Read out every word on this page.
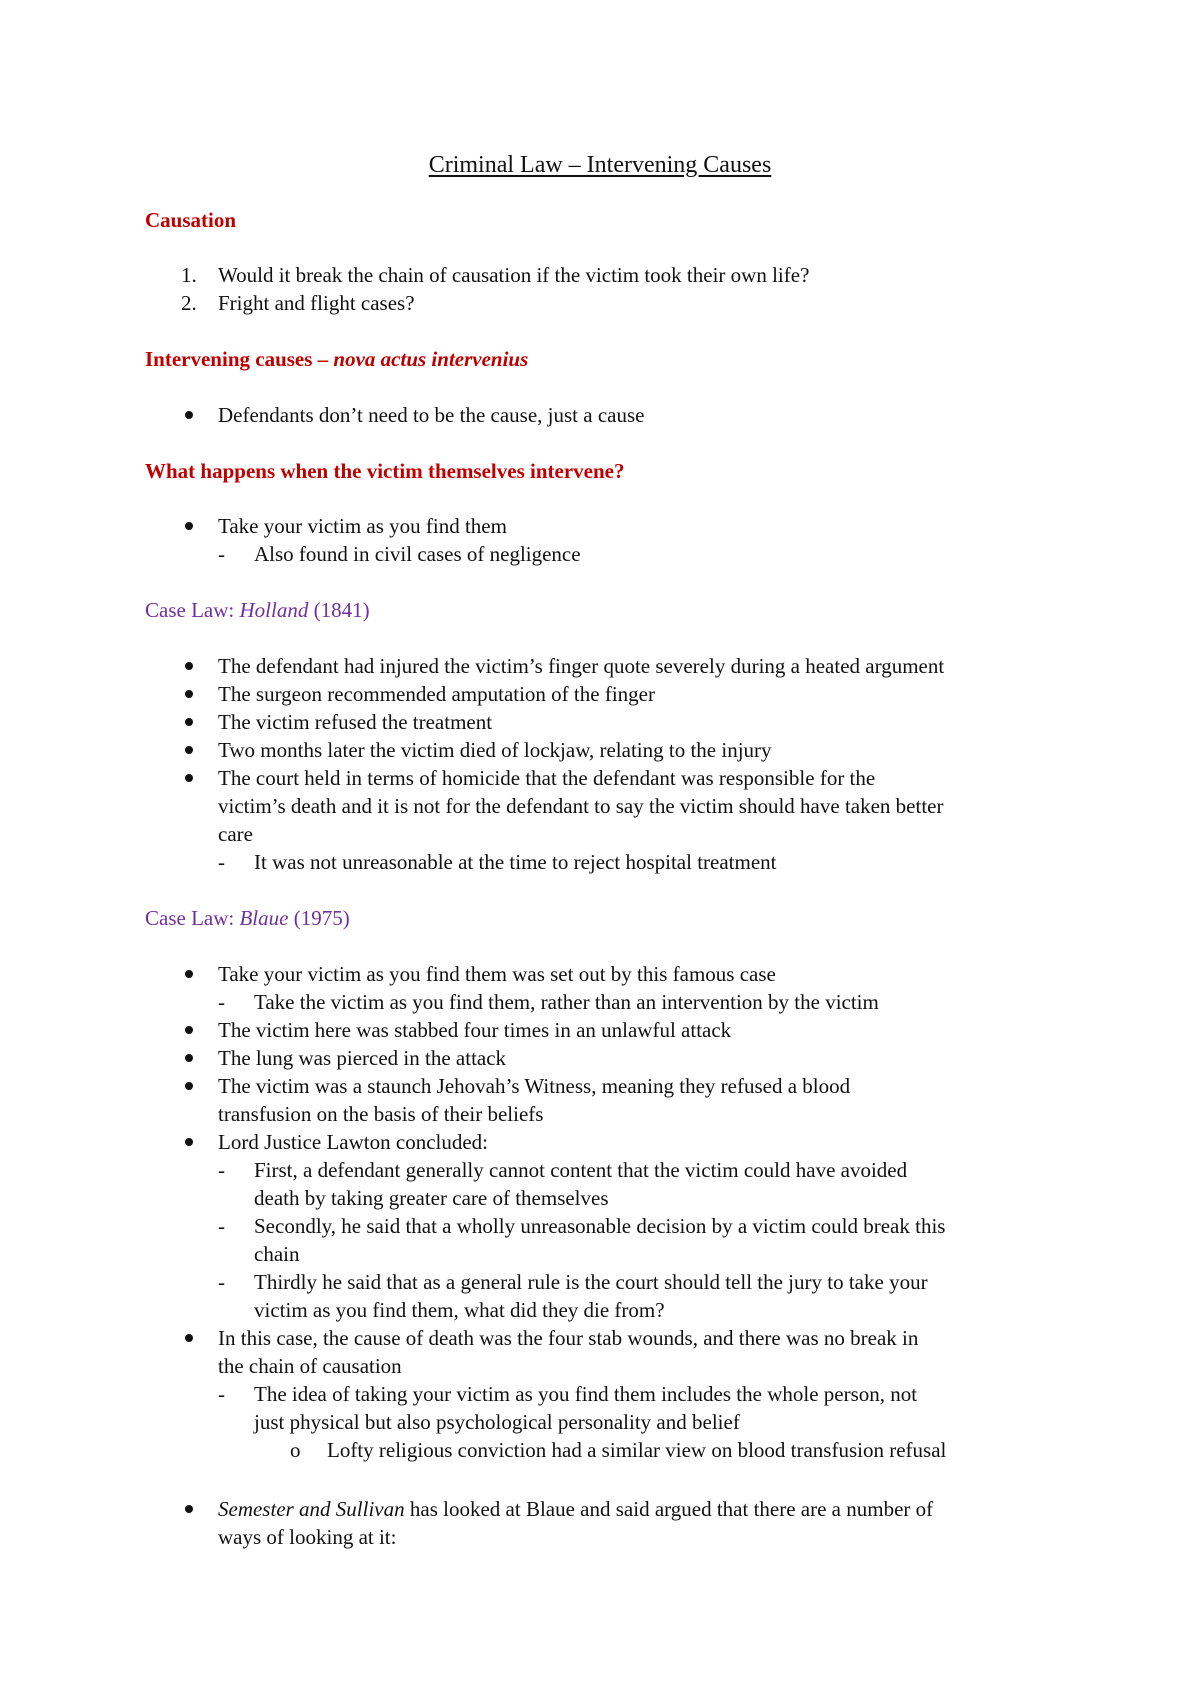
Criminal Law – Intervening Causes
Causation
1. Would it break the chain of causation if the victim took their own life?
2. Fright and flight cases?
Intervening causes – nova actus intervenius
Defendants don’t need to be the cause, just a cause
What happens when the victim themselves intervene?
Take your victim as you find them
- Also found in civil cases of negligence
Case Law: Holland (1841)
The defendant had injured the victim’s finger quote severely during a heated argument
The surgeon recommended amputation of the finger
The victim refused the treatment
Two months later the victim died of lockjaw, relating to the injury
The court held in terms of homicide that the defendant was responsible for the
victim’s death and it is not for the defendant to say the victim should have taken better
care
- It was not unreasonable at the time to reject hospital treatment
Case Law: Blaue (1975)
Take your victim as you find them was set out by this famous case
- Take the victim as you find them, rather than an intervention by the victim
The victim here was stabbed four times in an unlawful attack
The lung was pierced in the attack
The victim was a staunch Jehovah’s Witness, meaning they refused a blood
transfusion on the basis of their beliefs
Lord Justice Lawton concluded:
- First, a defendant generally cannot content that the victim could have avoided
death by taking greater care of themselves
- Secondly, he said that a wholly unreasonable decision by a victim could break this
chain
- Thirdly he said that as a general rule is the court should tell the jury to take your
victim as you find them, what did they die from?
In this case, the cause of death was the four stab wounds, and there was no break in
the chain of causation
- The idea of taking your victim as you find them includes the whole person, not
just physical but also psychological personality and belief
o Lofty religious conviction had a similar view on blood transfusion refusal
Semester and Sullivan has looked at Blaue and said argued that there are a number of
ways of looking at it:
